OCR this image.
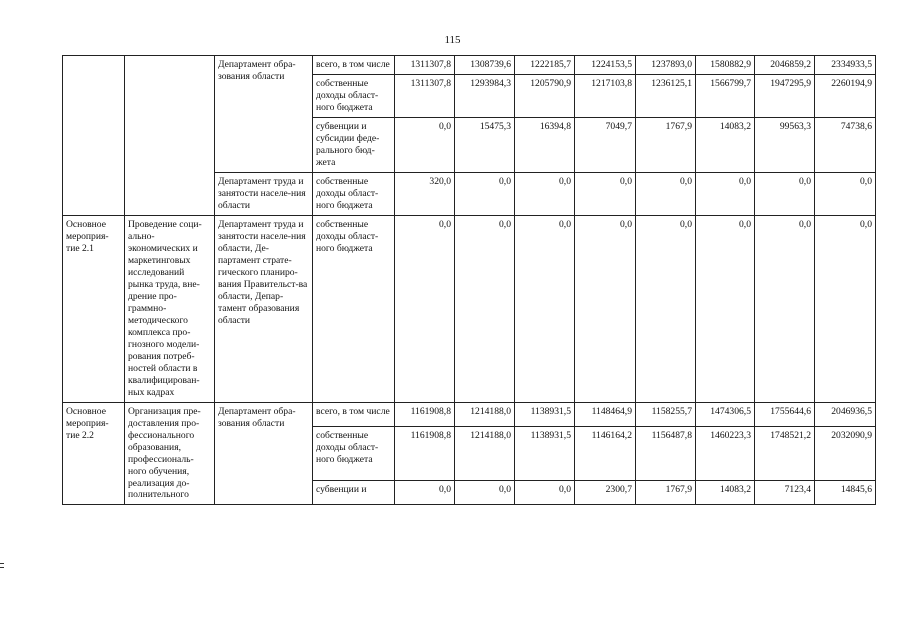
115
		Департамент обра-зования области	всего, в том числе	1311307,8	1308739,6	1222185,7	1224153,5	1237893,0	1580882,9	2046859,2	2334933,5
			собственные доходы област-ного бюджета	1311307,8	1293984,3	1205790,9	1217103,8	1236125,1	1566799,7	1947295,9	2260194,9
			субвенции и субсидии феде-рального бюд-жета	0,0	15475,3	16394,8	7049,7	1767,9	14083,2	99563,3	74738,6
		Департамент труда и занятости населе-ния области	собственные доходы област-ного бюджета	320,0	0,0	0,0	0,0	0,0	0,0	0,0	0,0
Основное мероприя-тие 2.1	Проведение соци-ально-экономических и маркетинговых исследований рынка труда, вне-дрение про-граммно-методического комплекса про-гнозного модели-рования потреб-ностей области в квалифицирован-ных кадрах	Департамент труда и занятости населе-ния области, Де-партамент страте-гического планиро-вания Правительст-ва области, Депар-тамент образования области	собственные доходы област-ного бюджета	0,0	0,0	0,0	0,0	0,0	0,0	0,0	0,0
Основное мероприя-тие 2.2	Организация пре-доставления про-фессионального образования, профессиональ-ного обучения, реализация до-полнительного	Департамент обра-зования области	всего, в том числе	1161908,8	1214188,0	1138931,5	1148464,9	1158255,7	1474306,5	1755644,6	2046936,5
			собственные доходы област-ного бюджета	1161908,8	1214188,0	1138931,5	1146164,2	1156487,8	1460223,3	1748521,2	2032090,9
			субвенции и	0,0	0,0	0,0	2300,7	1767,9	14083,2	7123,4	14845,6
